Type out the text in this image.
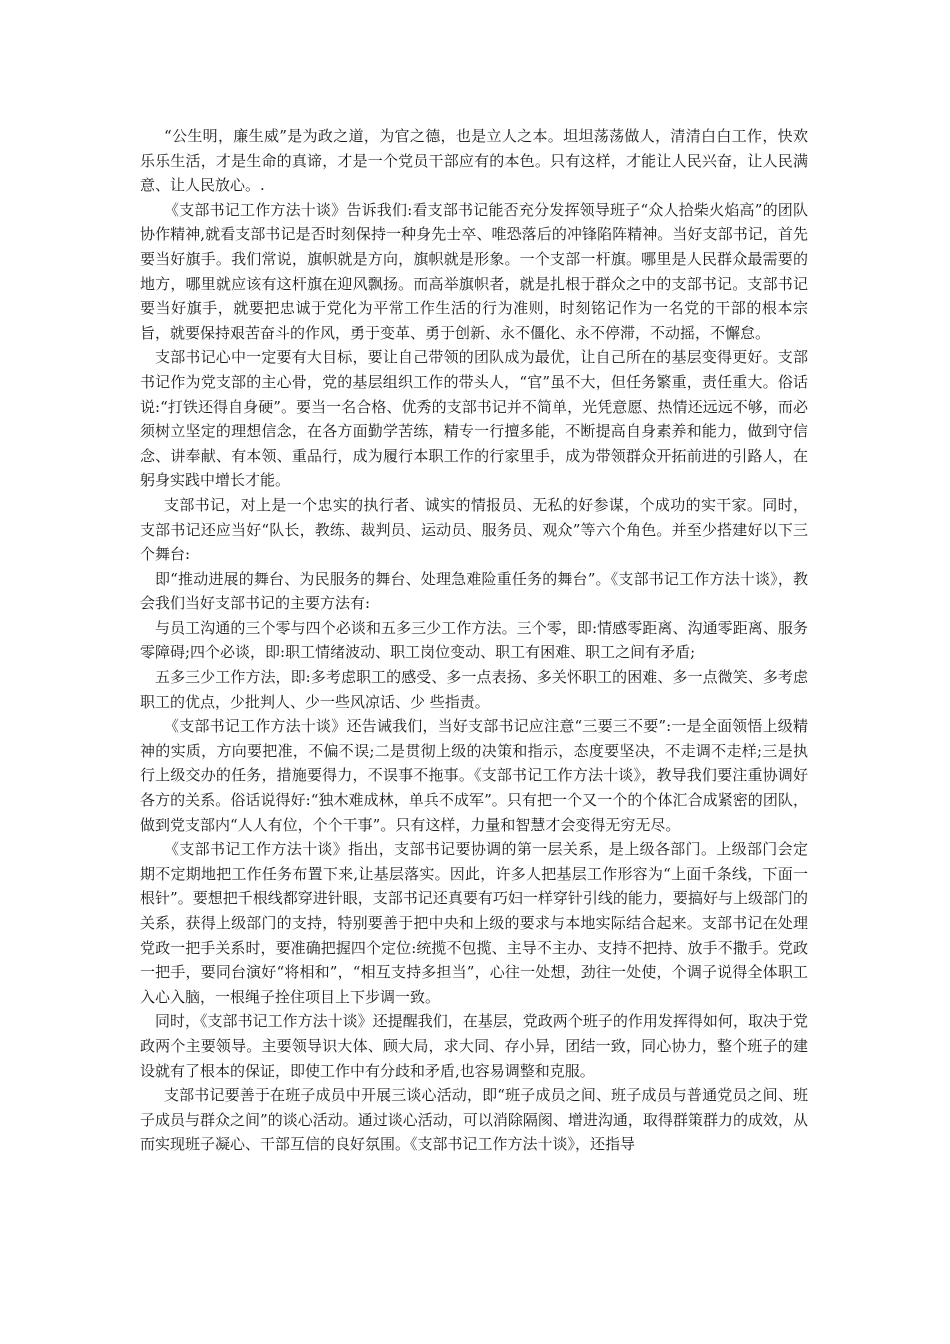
“公生明，廉生威”是为政之道，为官之德，也是立人之本。坦坦荡荡做人，清清白白工作，快欢乐乐生活，才是生命的真谛，才是一个党员干部应有的本色。只有这样，才能让人民兴奋，让人民满意、让人民放心。.

《支部书记工作方法十谈》告诉我们:看支部书记能否充分发挥领导班子“众人拾柴火焰高”的团队协作精神,就看支部书记是否时刻保持一种身先士卒、唯恐落后的冲锋陷阵精神。当好支部书记，首先要当好旗手。我们常说，旗帜就是方向，旗帜就是形象。一个支部一杆旗。哪里是人民群众最需要的地方，哪里就应该有这杆旗在迎风飘扬。而高举旗帜者，就是扎根于群众之中的支部书记。支部书记要当好旗手，就要把忠诚于党化为平常工作生活的行为准则，时刻铭记作为一名党的干部的根本宗旨，就要保持艰苦奋斗的作风，勇于变革、勇于创新、永不僵化、永不停滞，不动摇，不懈怠。

支部书记心中一定要有大目标，要让自己带领的团队成为最优，让自己所在的基层变得更好。支部书记作为党支部的主心骨，党的基层组织工作的带头人，“官”虽不大，但任务繁重，责任重大。俗话说:“打铁还得自身硬”。要当一名合格、优秀的支部书记并不简单，光凭意愿、热情还远远不够，而必须树立坚定的理想信念，在各方面勤学苦练，精专一行擅多能，不断提高自身素养和能力，做到守信念、讲奉献、有本领、重品行，成为履行本职工作的行家里手，成为带领群众开拓前进的引路人，在躬身实践中增长才能。

支部书记，对上是一个忠实的执行者、诚实的情报员、无私的好参谋，个成功的实干家。同时，支部书记还应当好“队长，教练、裁判员、运动员、服务员、观众”等六个角色。并至少搭建好以下三个舞台:

即“推动进展的舞台、为民服务的舞台、处理急难险重任务的舞台”。《支部书记工作方法十谈》，教会我们当好支部书记的主要方法有:

与员工沟通的三个零与四个必谈和五多三少工作方法。三个零，即:情感零距离、沟通零距离、服务零障碍;四个必谈，即:职工情绪波动、职工岗位变动、职工有困难、职工之间有矛盾;

五多三少工作方法，即:多考虑职工的感受、多一点表扬、多关怀职工的困难、多一点微笑、多考虑职工的优点，少批判人、少一些风凉话、少 些指责。

《支部书记工作方法十谈》还告诫我们，当好支部书记应注意“三要三不要”:一是全面领悟上级精神的实质，方向要把准，不偏不误;二是贯彻上级的决策和指示，态度要坚决，不走调不走样;三是执行上级交办的任务，措施要得力，不误事不拖事。《支部书记工作方法十谈》，教导我们要注重协调好各方的关系。俗话说得好:“独木难成林，单兵不成军”。只有把一个又一个的个体汇合成紧密的团队，做到党支部内“人人有位，个个干事”。只有这样，力量和智慧才会变得无穷无尽。

《支部书记工作方法十谈》指出，支部书记要协调的第一层关系，是上级各部门。上级部门会定期不定期地把工作任务布置下来,让基层落实。因此，许多人把基层工作形容为“上面千条线，下面一根针”。要想把千根线都穿进针眼，支部书记还真要有巧妇一样穿针引线的能力，要搞好与上级部门的关系，获得上级部门的支持，特别要善于把中央和上级的要求与本地实际结合起来。支部书记在处理党政一把手关系时，要准确把握四个定位:统揽不包揽、主导不主办、支持不把持、放手不撒手。党政一把手，要同台演好“将相和”，“相互支持多担当”，心往一处想，劲往一处使，个调子说得全体职工入心入脑，一根绳子拴住项目上下步调一致。

同时，《支部书记工作方法十谈》还提醒我们，在基层，党政两个班子的作用发挥得如何，取决于党政两个主要领导。主要领导识大体、顾大局，求大同、存小异，团结一致，同心协力，整个班子的建设就有了根本的保证，即使工作中有分歧和矛盾,也容易调整和克服。

支部书记要善于在班子成员中开展三谈心活动，即“班子成员之间、班子成员与普通党员之间、班子成员与群众之间”的谈心活动。通过谈心活动，可以消除隔阂、增进沟通，取得群策群力的成效，从而实现班子凝心、干部互信的良好氛围。《支部书记工作方法十谈》，还指导
